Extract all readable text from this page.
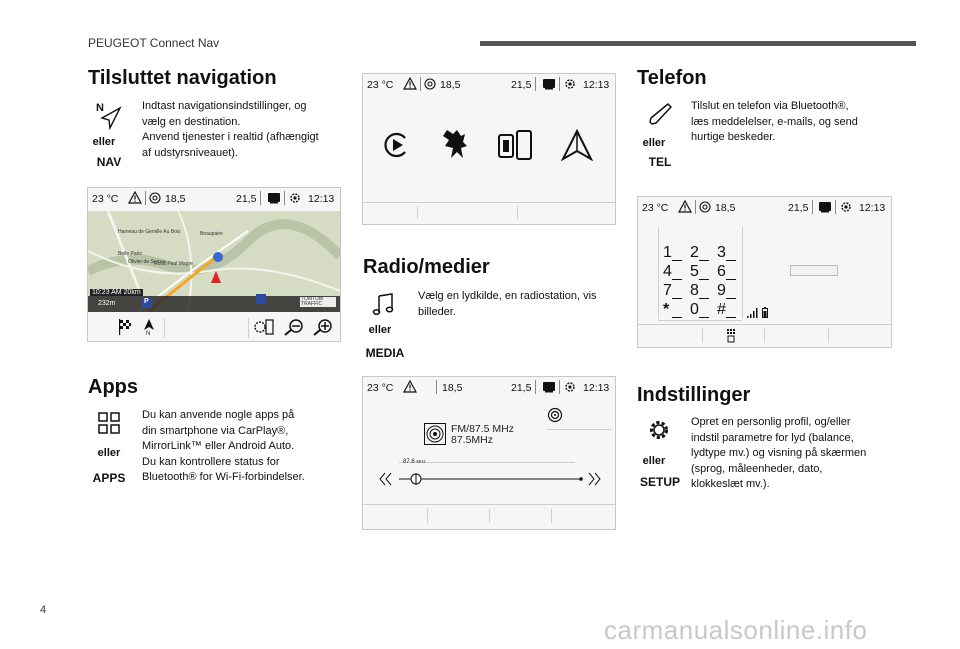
PEUGEOT Connect Nav
Tilsluttet navigation
N
eller
NAV
Indtast navigationsindstillinger, og
vælg en destination.
Anvend tjenester i realtid (afhængigt
af udstyrsniveauet).
23 °C	18,5	21,5	12:13
Hameau de Gerville Au Bois	Beaupaire
Belle Paris
Rond Paul Magre
Olivier de Serres
10:23 AM 20km
232m	P	TOMTOM TRAFFIC
N
Apps
eller
APPS
Du kan anvende nogle apps på
din smartphone via CarPlay®,
MirrorLink™ eller Android Auto.
Du kan kontrollere status for
Bluetooth® for Wi-Fi-forbindelser.
23 °C	18,5	21,5	12:13
Radio/medier
eller
MEDIA
Vælg en lydkilde, en radiostation, vis
billeder.
23 °C	18,5	21,5	12:13
FM/87.5 MHz
87.5MHz
87.6 MHz
Telefon
eller
TEL
Tilslut en telefon via Bluetooth®,
læs meddelelser, e-mails, og send
hurtige beskeder.
23 °C	18,5	21,5	12:13
1 2 3
4 5 6
7 8 9
* 0 #
Indstillinger
eller
SETUP
Opret en personlig profil, og/eller
indstil parametre for lyd (balance,
lydtype mv.) og visning på skærmen
(sprog, måleenheder, dato,
klokkeslæt mv.).
4
carmanualsonline.info
